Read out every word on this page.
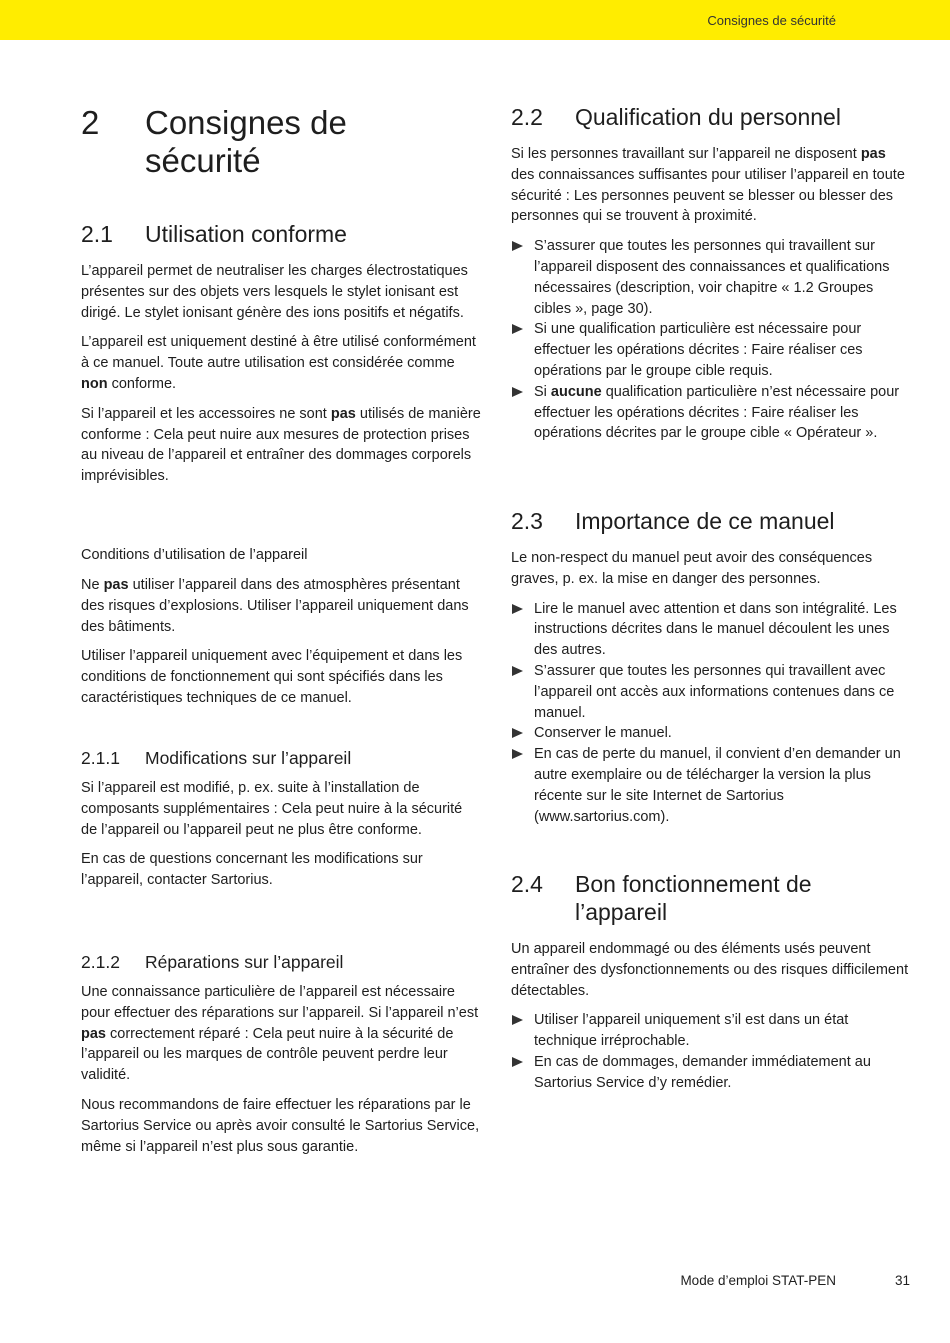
Consignes de sécurité
2	Consignes de
sécurité
2.1	Utilisation conforme

L’appareil permet de neutraliser les charges électrostatiques présentes sur des objets vers lesquels le stylet ionisant est dirigé. Le stylet ionisant génère des ions positifs et négatifs.

L’appareil est uniquement destiné à être utilisé conformément à ce manuel. Toute autre utilisation est considérée comme non conforme.

Si l’appareil et les accessoires ne sont pas utilisés de manière conforme : Cela peut nuire aux mesures de protection prises au niveau de l’appareil et entraîner des dommages corporels imprévisibles.

Conditions d’utilisation de l’appareil

Ne pas utiliser l’appareil dans des atmosphères présentant des risques d’explosions. Utiliser l’appareil uniquement dans des bâtiments.

Utiliser l’appareil uniquement avec l’équipement et dans les conditions de fonctionnement qui sont spécifiés dans les caractéristiques techniques de ce manuel.

2.1.1	Modifications sur l’appareil

Si l’appareil est modifié, p. ex. suite à l’installation de composants supplémentaires : Cela peut nuire à la sécurité de l’appareil ou l’appareil peut ne plus être conforme.

En cas de questions concernant les modifications sur l’appareil, contacter Sartorius.

2.1.2	Réparations sur l’appareil

Une connaissance particulière de l’appareil est nécessaire pour effectuer des réparations sur l’appareil. Si l’appareil n’est pas correctement réparé : Cela peut nuire à la sécurité de l’appareil ou les marques de contrôle peuvent perdre leur validité.

Nous recommandons de faire effectuer les réparations par le Sartorius Service ou après avoir consulté le Sartorius Service, même si l’appareil n’est plus sous garantie.

2.2	Qualification du personnel

Si les personnes travaillant sur l’appareil ne disposent pas des connaissances suffisantes pour utiliser l’appareil en toute sécurité : Les personnes peuvent se blesser ou blesser des personnes qui se trouvent à proximité.

S’assurer que toutes les personnes qui travaillent sur l’appareil disposent des connaissances et qualifications nécessaires (description, voir chapitre « 1.2 Groupes cibles », page 30).
Si une qualification particulière est nécessaire pour effectuer les opérations décrites : Faire réaliser ces opérations par le groupe cible requis.
Si aucune qualification particulière n’est nécessaire pour effectuer les opérations décrites : Faire réaliser les opérations décrites par le groupe cible « Opérateur ».
2.3	Importance de ce manuel

Le non-respect du manuel peut avoir des conséquences graves, p. ex. la mise en danger des personnes.

Lire le manuel avec attention et dans son intégralité. Les instructions décrites dans le manuel découlent les unes des autres.
S’assurer que toutes les personnes qui travaillent avec l’appareil ont accès aux informations contenues dans ce manuel.
Conserver le manuel.
En cas de perte du manuel, il convient d’en demander un autre exemplaire ou de télécharger la version la plus récente sur le site Internet de Sartorius (www.sartorius.com).
2.4	Bon fonctionnement de
l’appareil

Un appareil endommagé ou des éléments usés peuvent entraîner des dysfonctionnements ou des risques difficilement détectables.

Utiliser l’appareil uniquement s’il est dans un état technique irréprochable.
En cas de dommages, demander immédiatement au Sartorius Service d’y remédier.
Mode d’emploi STAT-PEN	31
